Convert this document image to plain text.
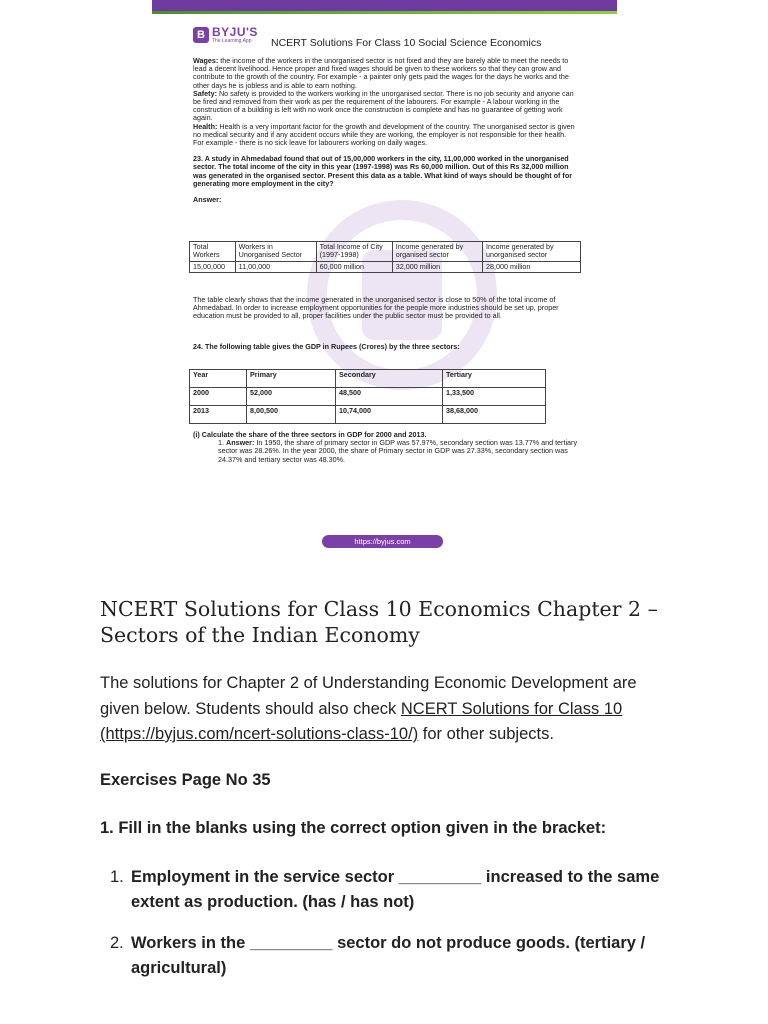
B BYJU'S
The Learning App NCERT Solutions For Class 10 Social Science Economics

Wages: the income of the workers in the unorganised sector is not fixed and they are barely able to meet the needs to lead a decent livelihood. Hence proper and fixed wages should be given to these workers so that they can grow and contribute to the growth of the country. For example - a painter only gets paid the wages for the days he works and the other days he is jobless and is able to earn nothing.

Safety: No safety is provided to the workers working in the unorganised sector. There is no job security and anyone can be fired and removed from their work as per the requirement of the labourers. For example - A labour working in the construction of a building is left with no work once the construction is complete and has no guarantee of getting work again.

Health: Health is a very important factor for the growth and development of the country. The unorganised sector is given no medical security and if any accident occurs while they are working, the employer is not responsible for their health. For example - there is no sick leave for labourers working on daily wages.

23. A study in Ahmedabad found that out of 15,00,000 workers in the city, 11,00,000 worked in the unorganised sector. The total income of the city in this year (1997-1998) was Rs 60,000 million. Out of this Rs 32,000 million was generated in the organised sector. Present this data as a table. What kind of ways should be thought of for generating more employment in the city?

Answer:

Total Workers	Workers in Unorganised Sector	Total Income of City (1997-1998)	Income generated by organised sector	Income generated by unorganised sector
15,00,000	11,00,000	60,000 million	32,000 million	28,000 million

The table clearly shows that the income generated in the unorganised sector is close to 50% of the total income of Ahmedabad. In order to increase employment opportunities for the people more industries should be set up, proper education must be provided to all, proper facilities under the public sector must be provided to all.

24. The following table gives the GDP in Rupees (Crores) by the three sectors:
Year	Primary	Secondary	Tertiary
2000	52,000	48,500	1,33,500
2013	8,00,500	10,74,000	38,68,000

(i) Calculate the share of the three sectors in GDP for 2000 and 2013.

1. Answer: In 1950, the share of primary sector in GDP was 57.97%, secondary section was 13.77% and tertiary sector was 28.26%. In the year 2000, the share of Primary sector in GDP was 27.33%, secondary section was 24.37% and tertiary sector was 48.30%.

https://byjus.com
NCERT Solutions for Class 10 Economics Chapter 2 – Sectors of the Indian Economy

The solutions for Chapter 2 of Understanding Economic Development are given below. Students should also check NCERT Solutions for Class 10 (https://byjus.com/ncert-solutions-class-10/) for other subjects.

Exercises Page No 35
1. Fill in the blanks using the correct option given in the bracket:
1. Employment in the service sector _________ increased to the same extent as production. (has / has not)
2. Workers in the _________ sector do not produce goods. (tertiary / agricultural)
